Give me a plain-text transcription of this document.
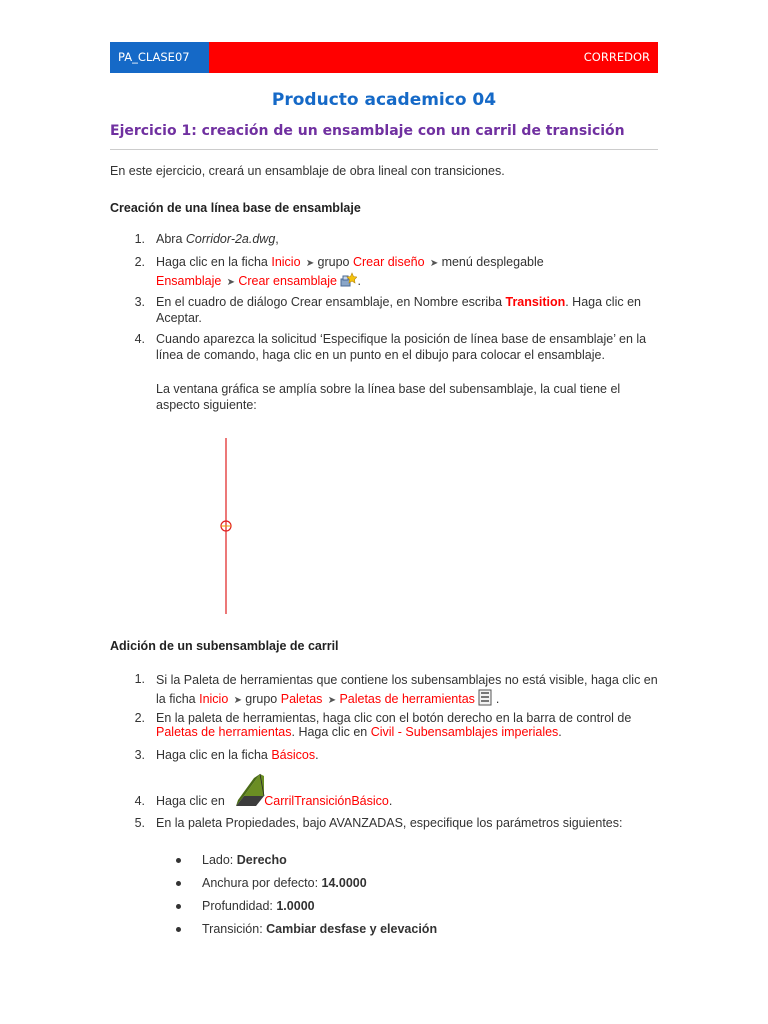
PA_CLASE07	CORREDOR
Producto academico 04
Ejercicio 1: creación de un ensamblaje con un carril de transición
En este ejercicio, creará un ensamblaje de obra lineal con transiciones.
Creación de una línea base de ensamblaje
1. Abra Corridor-2a.dwg,
2. Haga clic en la ficha Inicio ➤ grupo Crear diseño ➤ menú desplegable
Ensamblaje ➤ Crear ensamblaje .
3. En el cuadro de diálogo Crear ensamblaje, en Nombre escriba Transition. Haga clic en Aceptar.
4. Cuando aparezca la solicitud ‘Especifique la posición de línea base de ensamblaje’ en la línea de comando, haga clic en un punto en el dibujo para colocar el ensamblaje.
La ventana gráfica se amplía sobre la línea base del subensamblaje, la cual tiene el aspecto siguiente:
Adición de un subensamblaje de carril
1. Si la Paleta de herramientas que contiene los subensamblajes no está visible, haga clic en la ficha Inicio ➤ grupo Paletas ➤ Paletas de herramientas .
2. En la paleta de herramientas, haga clic con el botón derecho en la barra de control de Paletas de herramientas. Haga clic en Civil - Subensamblajes imperiales.
3. Haga clic en la ficha Básicos.
4. Haga clic en	CarrilTransiciónBásico.
5. En la paleta Propiedades, bajo AVANZADAS, especifique los parámetros siguientes:
Lado: Derecho
Anchura por defecto: 14.0000
Profundidad: 1.0000
Transición: Cambiar desfase y elevación
